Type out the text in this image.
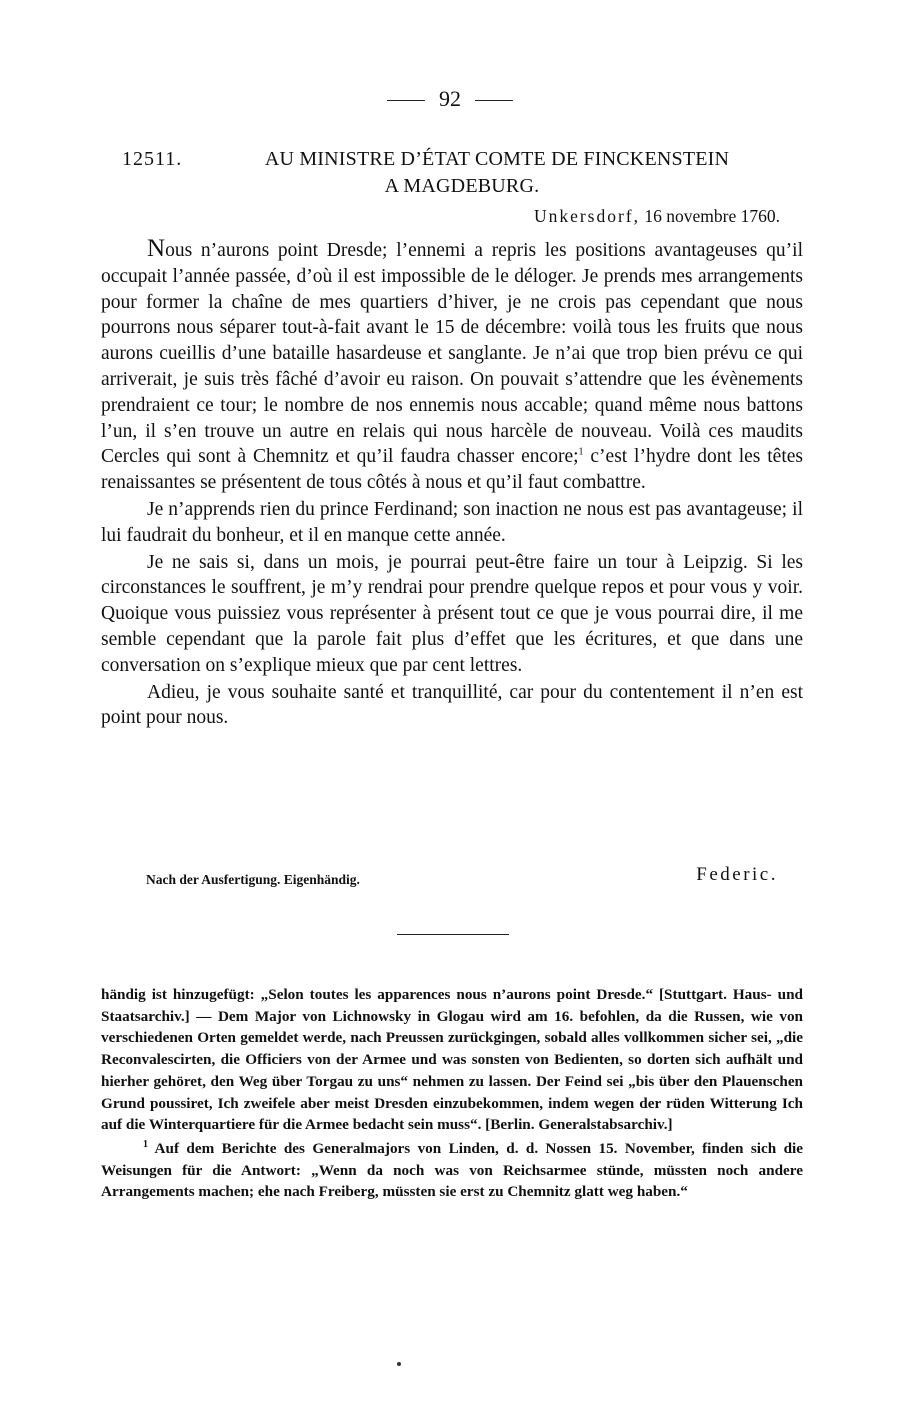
92
12511.	AU MINISTRE D’ÉTAT COMTE DE FINCKENSTEIN
A MAGDEBURG.
Unkersdorf, 16 novembre 1760.

Nous n’aurons point Dresde; l’ennemi a repris les positions avantageuses qu’il occupait l’année passée, d’où il est impossible de le déloger. Je prends mes arrangements pour former la chaîne de mes quartiers d’hiver, je ne crois pas cependant que nous pourrons nous séparer tout-à-fait avant le 15 de décembre: voilà tous les fruits que nous aurons cueillis d’une bataille hasardeuse et sanglante. Je n’ai que trop bien prévu ce qui arriverait, je suis très fâché d’avoir eu raison. On pouvait s’attendre que les évènements prendraient ce tour; le nombre de nos ennemis nous accable; quand même nous battons l’un, il s’en trouve un autre en relais qui nous harcèle de nouveau. Voilà ces maudits Cercles qui sont à Chemnitz et qu’il faudra chasser encore;$^1$ c’est l’hydre dont les têtes renaissantes se présentent de tous côtés à nous et qu’il faut combattre.

Je n’apprends rien du prince Ferdinand; son inaction ne nous est pas avantageuse; il lui faudrait du bonheur, et il en manque cette année.

Je ne sais si, dans un mois, je pourrai peut-être faire un tour à Leipzig. Si les circonstances le souffrent, je m’y rendrai pour prendre quelque repos et pour vous y voir. Quoique vous puissiez vous représenter à présent tout ce que je vous pourrai dire, il me semble cependant que la parole fait plus d’effet que les écritures, et que dans une conversation on s’explique mieux que par cent lettres.

Adieu, je vous souhaite santé et tranquillité, car pour du contentement il n’en est point pour nous.

Nach der Ausfertigung. Eigenhändig.	Federic.

händig ist hinzugefügt: „Selon toutes les apparences nous n’aurons point Dresde.“ [Stuttgart. Haus- und Staatsarchiv.] — Dem Major von Lichnowsky in Glogau wird am 16. befohlen, da die Russen, wie von verschiedenen Orten gemeldet werde, nach Preussen zurückgingen, sobald alles vollkommen sicher sei, „die Reconvalescirten, die Officiers von der Armee und was sonsten von Bedienten, so dorten sich aufhält und hierher gehöret, den Weg über Torgau zu uns“ nehmen zu lassen. Der Feind sei „bis über den Plauenschen Grund poussiret, Ich zweifele aber meist Dresden einzubekommen, indem wegen der rüden Witterung Ich auf die Winterquartiere für die Armee bedacht sein muss“. [Berlin. Generalstabsarchiv.]

$^1$ Auf dem Berichte des Generalmajors von Linden, d. d. Nossen 15. November, finden sich die Weisungen für die Antwort: „Wenn da noch was von Reichsarmee stünde, müssten noch andere Arrangements machen; ehe nach Freiberg, müssten sie erst zu Chemnitz glatt weg haben.“
